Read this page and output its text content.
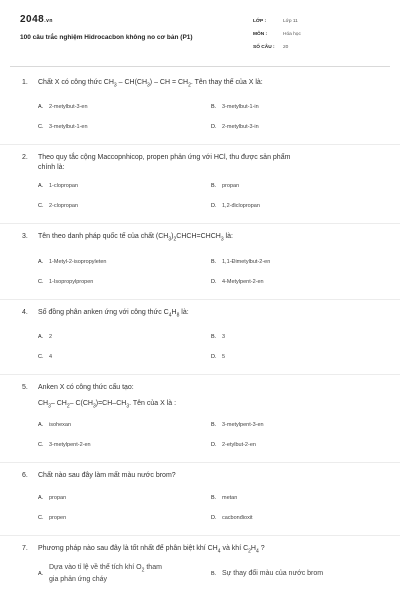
2048.vn
100 câu trắc nghiệm Hidrocacbon không no cơ bản (P1)
LỚP :	Lớp 11
MÔN :	Hóa học
SỐ CÂU :	20
1.	Chất X có công thức $CH_3 - CH(CH_3)$ – CH = $CH_2$. Tên thay thế của X là:
A.	2-metylbut-3-en	B.	3-metylbut-1-in
C.	3-metylbut-1-en	D.	2-metylbut-3-in
2.	Theo quy tắc cộng Maccopnhicop, propen phản ứng với HCl, thu được sản phẩm
chính là:
A.	1-clopropan	B.	propan
C.	2-clopropan	D.	1,2-điclopropan
3.	Tên theo danh pháp quốc tế của chất $(CH_3)_2CHCH=CHCH_3$ là:
A.	1-Metyl-2-isopropyleten	B.	1,1-Đimetylbut-2-en
C.	1-Isopropylpropen	D.	4-Metylpent-2-en
4.	Số đồng phân anken ứng với công thức $C_4H_8$ là:
A.	2	B.	3
C.	4	D.	5
5.	Anken X có công thức cấu tạo:
$CH_3-$ $CH_2-$ $C(CH_3)=CH-CH_3$. Tên của X là :
A.	isohexan	B.	3-metylpent-3-en
C.	3-metylpent-2-en	D.	2-etylbut-2-en
6.	Chất nào sau đây làm mất màu nước brom?
A.	propan	B.	metan
C.	propen	D.	cacbonđioxit
7.	Phương pháp nào sau đây là tốt nhất để phân biệt khí $CH_4$ và khí $C_2H_4$ ?
A.
Dựa vào tỉ lệ về thể tích khí $O_2$ tham
gia phản ứng cháy
B. Sự thay đổi màu của nước brom
